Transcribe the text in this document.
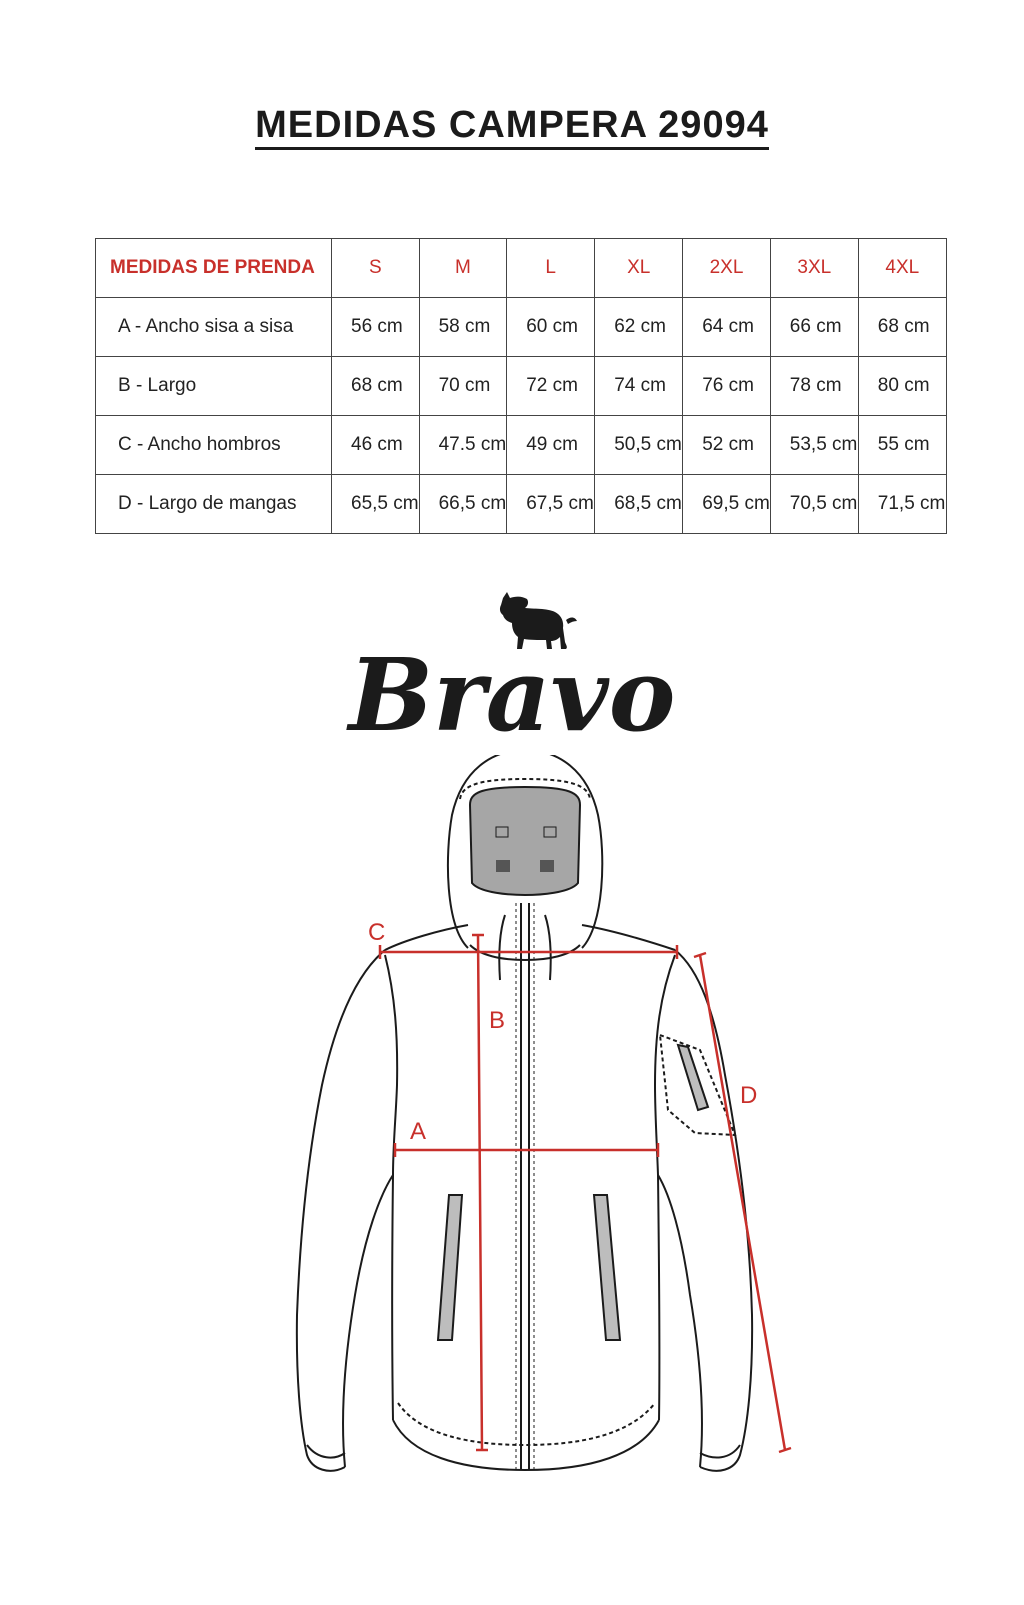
MEDIDAS CAMPERA 29094
MEDIDAS DE PRENDA	S	M	L	XL	2XL	3XL	4XL
A - Ancho sisa a sisa	56 cm	58 cm	60 cm	62 cm	64 cm	66 cm	68 cm
B - Largo	68 cm	70 cm	72 cm	74 cm	76 cm	78 cm	80 cm
C - Ancho hombros	46 cm	47.5 cm	49 cm	50,5 cm	52 cm	53,5 cm	55 cm
D - Largo de mangas	65,5 cm	66,5 cm	67,5 cm	68,5 cm	69,5 cm	70,5 cm	71,5 cm
Bravo
C
B
A
D
